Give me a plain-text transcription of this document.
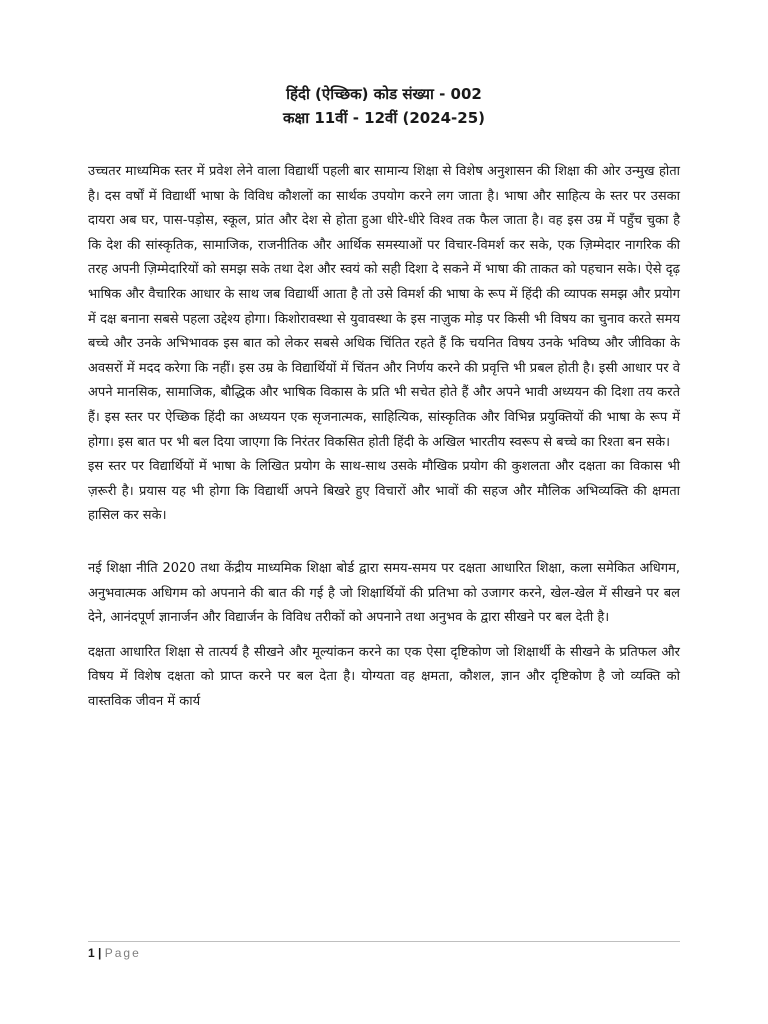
हिंदी (ऐच्छिक) कोड संख्या - 002
कक्षा 11वीं - 12वीं (2024-25)

उच्चतर माध्यमिक स्तर में प्रवेश लेने वाला विद्यार्थी पहली बार सामान्य शिक्षा से विशेष अनुशासन की शिक्षा की ओर उन्मुख होता है। दस वर्षों में विद्यार्थी भाषा के विविध कौशलों का सार्थक उपयोग करने लग जाता है। भाषा और साहित्य के स्तर पर उसका दायरा अब घर, पास-पड़ोस, स्कूल, प्रांत और देश से होता हुआ धीरे-धीरे विश्व तक फैल जाता है। वह इस उम्र में पहुँच चुका है कि देश की सांस्कृतिक, सामाजिक, राजनीतिक और आर्थिक समस्याओं पर विचार-विमर्श कर सके, एक ज़िम्मेदार नागरिक की तरह अपनी ज़िम्मेदारियों को समझ सके तथा देश और स्वयं को सही दिशा दे सकने में भाषा की ताकत को पहचान सके। ऐसे दृढ़ भाषिक और वैचारिक आधार के साथ जब विद्यार्थी आता है तो उसे विमर्श की भाषा के रूप में हिंदी की व्यापक समझ और प्रयोग में दक्ष बनाना सबसे पहला उद्देश्य होगा। किशोरावस्था से युवावस्था के इस नाज़ुक मोड़ पर किसी भी विषय का चुनाव करते समय बच्चे और उनके अभिभावक इस बात को लेकर सबसे अधिक चिंतित रहते हैं कि चयनित विषय उनके भविष्य और जीविका के अवसरों में मदद करेगा कि नहीं। इस उम्र के विद्यार्थियों में चिंतन और निर्णय करने की प्रवृत्ति भी प्रबल होती है। इसी आधार पर वे अपने मानसिक, सामाजिक, बौद्धिक और भाषिक विकास के प्रति भी सचेत होते हैं और अपने भावी अध्ययन की दिशा तय करते हैं। इस स्तर पर ऐच्छिक हिंदी का अध्ययन एक सृजनात्मक, साहित्यिक, सांस्कृतिक और विभिन्न प्रयुक्तियों की भाषा के रूप में होगा। इस बात पर भी बल दिया जाएगा कि निरंतर विकसित होती हिंदी के अखिल भारतीय स्वरूप से बच्चे का रिश्ता बन सके।

इस स्तर पर विद्यार्थियों में भाषा के लिखित प्रयोग के साथ-साथ उसके मौखिक प्रयोग की कुशलता और दक्षता का विकास भी ज़रूरी है। प्रयास यह भी होगा कि विद्यार्थी अपने बिखरे हुए विचारों और भावों की सहज और मौलिक अभिव्यक्ति की क्षमता हासिल कर सके।

नई शिक्षा नीति 2020 तथा केंद्रीय माध्यमिक शिक्षा बोर्ड द्वारा समय-समय पर दक्षता आधारित शिक्षा, कला समेकित अधिगम, अनुभवात्मक अधिगम को अपनाने की बात की गई है जो शिक्षार्थियों की प्रतिभा को उजागर करने, खेल-खेल में सीखने पर बल देने, आनंदपूर्ण ज्ञानार्जन और विद्यार्जन के विविध तरीकों को अपनाने तथा अनुभव के द्वारा सीखने पर बल देती है।

दक्षता आधारित शिक्षा से तात्पर्य है सीखने और मूल्यांकन करने का एक ऐसा दृष्टिकोण जो शिक्षार्थी के सीखने के प्रतिफल और विषय में विशेष दक्षता को प्राप्त करने पर बल देता है। योग्यता वह क्षमता, कौशल, ज्ञान और दृष्टिकोण है जो व्यक्ति को वास्तविक जीवन में कार्य

1 | Page
